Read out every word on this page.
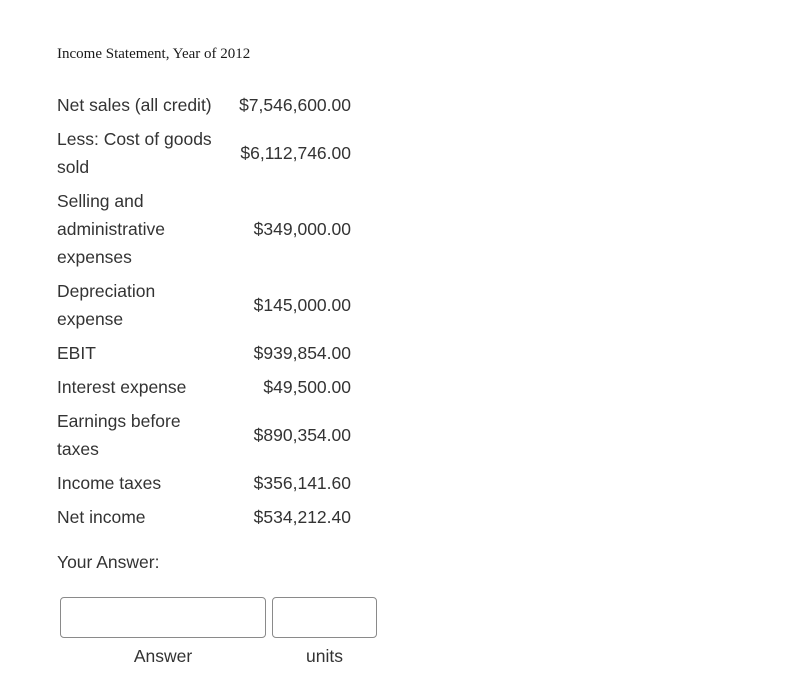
Income Statement, Year of 2012
Net sales (all credit)	$7,546,600.00
Less: Cost of goods sold	$6,112,746.00
Selling and administrative expenses	$349,000.00
Depreciation expense	$145,000.00
EBIT	$939,854.00
Interest expense	$49,500.00
Earnings before taxes	$890,354.00
Income taxes	$356,141.60
Net income	$534,212.40
Your Answer:
Answer	units
